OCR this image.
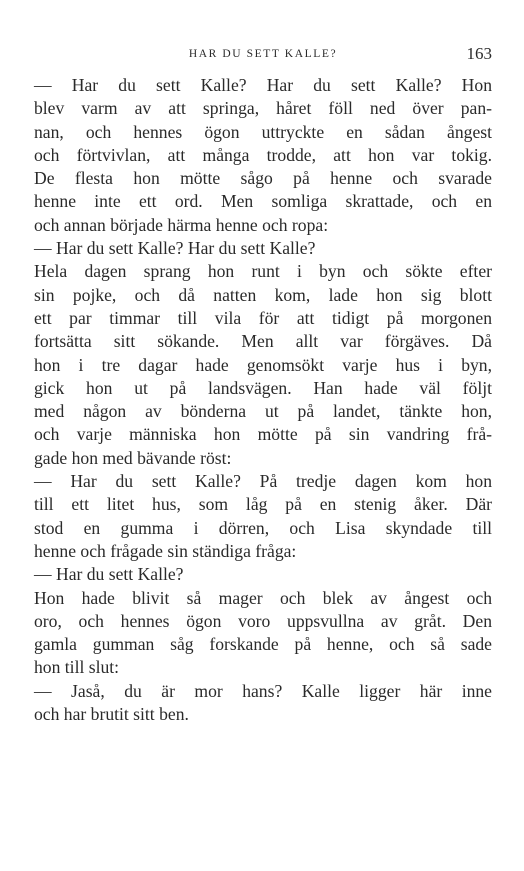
HAR DU SETT KALLE?	163
— Har du sett Kalle? Har du sett Kalle? Hon
blev varm av att springa, håret föll ned över pan-
nan, och hennes ögon uttryckte en sådan ångest
och förtvivlan, att många trodde, att hon var tokig.
De flesta hon mötte sågo på henne och svarade
henne inte ett ord. Men somliga skrattade, och en
och annan började härma henne och ropa:
— Har du sett Kalle? Har du sett Kalle?
Hela dagen sprang hon runt i byn och sökte efter
sin pojke, och då natten kom, lade hon sig blott
ett par timmar till vila för att tidigt på morgonen
fortsätta sitt sökande. Men allt var förgäves. Då
hon i tre dagar hade genomsökt varje hus i byn,
gick hon ut på landsvägen. Han hade väl följt
med någon av bönderna ut på landet, tänkte hon,
och varje människa hon mötte på sin vandring frå-
gade hon med bävande röst:
— Har du sett Kalle? På tredje dagen kom hon
till ett litet hus, som låg på en stenig åker. Där
stod en gumma i dörren, och Lisa skyndade till
henne och frågade sin ständiga fråga:
— Har du sett Kalle?
Hon hade blivit så mager och blek av ångest och
oro, och hennes ögon voro uppsvullna av gråt. Den
gamla gumman såg forskande på henne, och så sade
hon till slut:
— Jaså, du är mor hans? Kalle ligger här inne
och har brutit sitt ben.
